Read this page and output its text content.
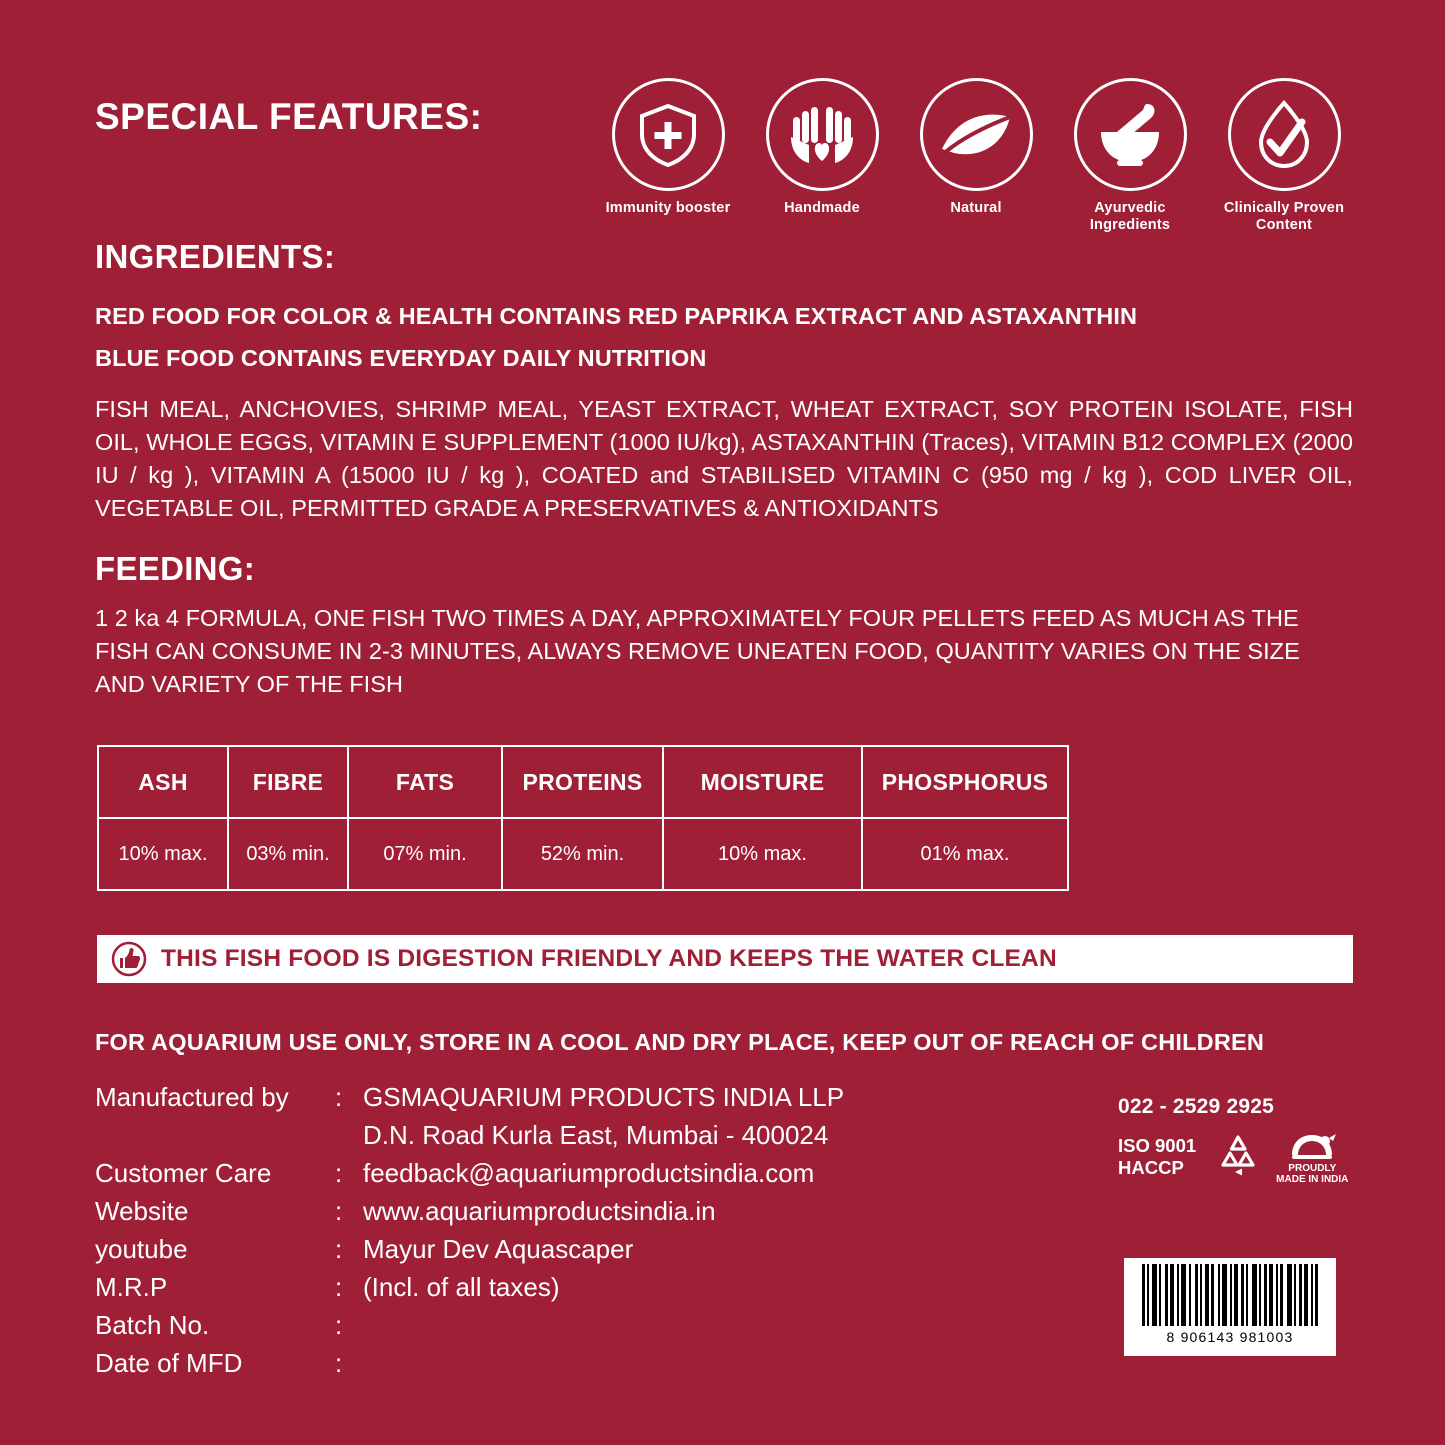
SPECIAL FEATURES:
Immunity booster	Handmade	Natural	Ayurvedic Ingredients
Clinically Proven Content
INGREDIENTS:
RED FOOD FOR COLOR & HEALTH CONTAINS RED PAPRIKA EXTRACT AND ASTAXANTHIN
BLUE FOOD CONTAINS EVERYDAY DAILY NUTRITION
FISH MEAL, ANCHOVIES, SHRIMP MEAL, YEAST EXTRACT, WHEAT EXTRACT, SOY PROTEIN ISOLATE, FISH OIL, WHOLE EGGS, VITAMIN E SUPPLEMENT (1000 IU/kg), ASTAXANTHIN (Traces), VITAMIN B12 COMPLEX (2000 IU / kg ), VITAMIN A (15000 IU / kg ), COATED and STABILISED VITAMIN C (950 mg / kg ), COD LIVER OIL, VEGETABLE OIL, PERMITTED GRADE A PRESERVATIVES & ANTIOXIDANTS
FEEDING:
1 2 ka 4 FORMULA, ONE FISH TWO TIMES A DAY, APPROXIMATELY FOUR PELLETS FEED AS MUCH AS THE FISH CAN CONSUME IN 2-3 MINUTES, ALWAYS REMOVE UNEATEN FOOD, QUANTITY VARIES ON THE SIZE AND VARIETY OF THE FISH
ASH	FIBRE	FATS	PROTEINS	MOISTURE	PHOSPHORUS
10% max.	03% min.	07% min.	52% min.	10% max.	01% max.
THIS FISH FOOD IS DIGESTION FRIENDLY AND KEEPS THE WATER CLEAN
FOR AQUARIUM USE ONLY, STORE IN A COOL AND DRY PLACE, KEEP OUT OF REACH OF CHILDREN
Manufactured by	: GSMAQUARIUM PRODUCTS INDIA LLP
D.N. Road Kurla East, Mumbai - 400024
Customer Care	: feedback@aquariumproductsindia.com
Website	: www.aquariumproductsindia.in
youtube	: Mayur Dev Aquascaper
M.R.P	: (Incl. of all taxes)
Batch No.	:
Date of MFD	:
022 - 2529 2925
ISO 9001
HACCP	PROUDLY
MADE IN INDIA
8 906143 981003
